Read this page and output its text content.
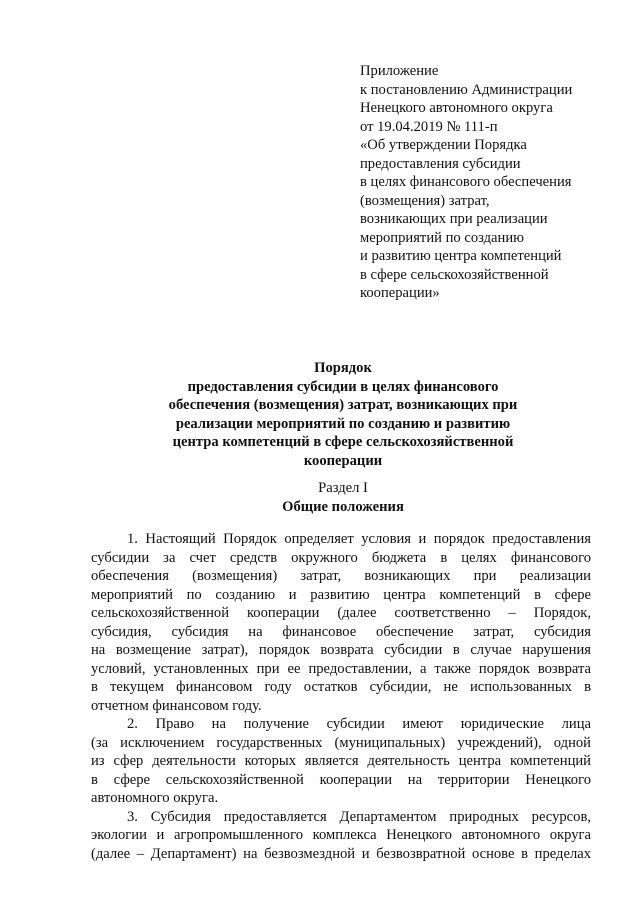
Приложение
к постановлению Администрации
Ненецкого автономного округа
от 19.04.2019 № 111-п
«Об утверждении Порядка
предоставления субсидии
в целях финансового обеспечения
(возмещения) затрат,
возникающих при реализации
мероприятий по созданию
и развитию центра компетенций
в сфере сельскохозяйственной
кооперации»
Порядок
предоставления субсидии в целях финансового
обеспечения (возмещения) затрат, возникающих при
реализации мероприятий по созданию и развитию
центра компетенций в сфере сельскохозяйственной
кооперации
Раздел I
Общие положения
1. Настоящий Порядок определяет условия и порядок предоставления
субсидии за счет средств окружного бюджета в целях финансового
обеспечения (возмещения) затрат, возникающих при реализации
мероприятий по созданию и развитию центра компетенций в сфере
сельскохозяйственной кооперации (далее соответственно – Порядок,
субсидия, субсидия на финансовое обеспечение затрат, субсидия
на возмещение затрат), порядок возврата субсидии в случае нарушения
условий, установленных при ее предоставлении, а также порядок возврата
в текущем финансовом году остатков субсидии, не использованных в
отчетном финансовом году.
2. Право на получение субсидии имеют юридические лица
(за исключением государственных (муниципальных) учреждений), одной
из сфер деятельности которых является деятельность центра компетенций
в сфере сельскохозяйственной кооперации на территории Ненецкого
автономного округа.
3. Субсидия предоставляется Департаментом природных ресурсов,
экологии и агропромышленного комплекса Ненецкого автономного округа
(далее – Департамент) на безвозмездной и безвозвратной основе в пределах
